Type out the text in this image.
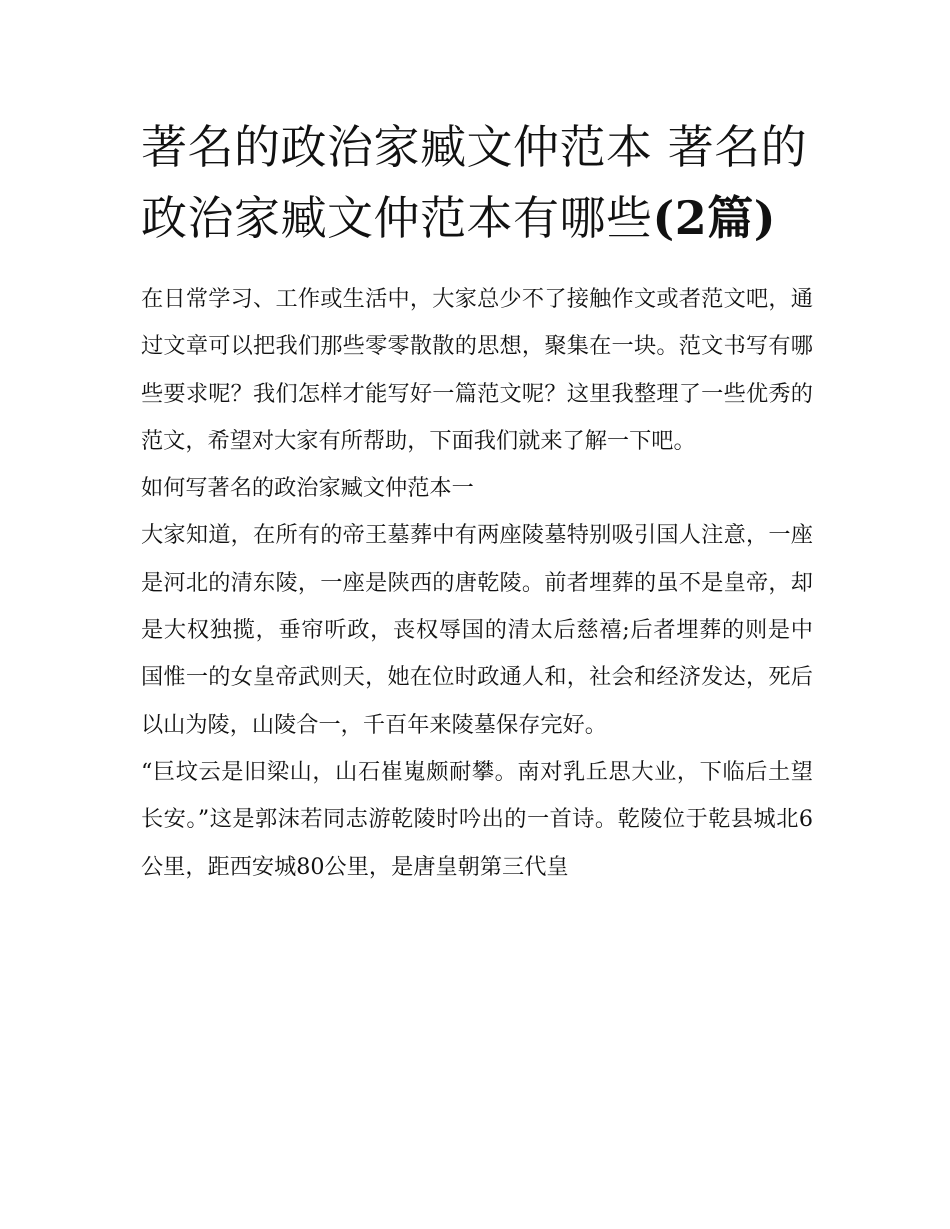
著名的政治家臧文仲范本 著名的政治家臧文仲范本有哪些(2篇)

在日常学习、工作或生活中，大家总少不了接触作文或者范文吧，通过文章可以把我们那些零零散散的思想，聚集在一块。范文书写有哪些要求呢？我们怎样才能写好一篇范文呢？这里我整理了一些优秀的范文，希望对大家有所帮助，下面我们就来了解一下吧。

如何写著名的政治家臧文仲范本一

大家知道，在所有的帝王墓葬中有两座陵墓特别吸引国人注意，一座是河北的清东陵，一座是陕西的唐乾陵。前者埋葬的虽不是皇帝，却是大权独揽，垂帘听政，丧权辱国的清太后慈禧;后者埋葬的则是中国惟一的女皇帝武则天，她在位时政通人和，社会和经济发达，死后以山为陵，山陵合一，千百年来陵墓保存完好。

“巨坟云是旧梁山，山石崔嵬颇耐攀。南对乳丘思大业，下临后土望长安。”这是郭沫若同志游乾陵时吟出的一首诗。乾陵位于乾县城北6公里，距西安城80公里，是唐皇朝第三代皇
